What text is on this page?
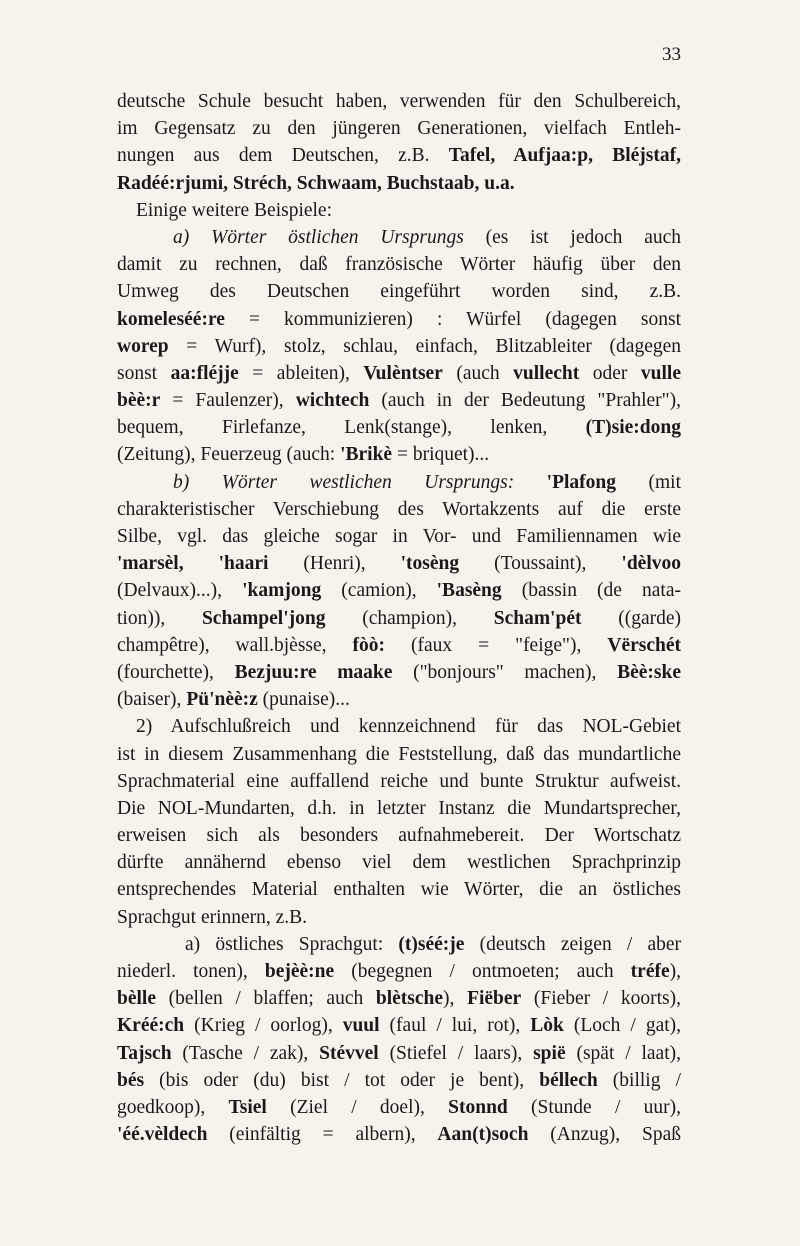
33
deutsche Schule besucht haben, verwenden für den Schulbereich,
im Gegensatz zu den jüngeren Generationen, vielfach Entleh-
nungen aus dem Deutschen, z.B. Tafel, Aufjaa:p, Bléjstaf,
Radéé:rjumi, Stréch, Schwaam, Buchstaab, u.a.
Einige weitere Beispiele:
a) Wörter östlichen Ursprungs (es ist jedoch auch
damit zu rechnen, daß französische Wörter häufig über den
Umweg des Deutschen eingeführt worden sind, z.B.
komeleséé:re = kommunizieren) : Würfel (dagegen sonst
worep = Wurf), stolz, schlau, einfach, Blitzableiter (dagegen
sonst aa:fléjje = ableiten), Vulèntser (auch vullecht oder vulle
bèè:r = Faulenzer), wichtech (auch in der Bedeutung "Prahler"),
bequem, Firlefanze, Lenk(stange), lenken, (T)sie:dong
(Zeitung), Feuerzeug (auch: 'Brikè = briquet)...
b) Wörter westlichen Ursprungs: 'Plafong (mit
charakteristischer Verschiebung des Wortakzents auf die erste
Silbe, vgl. das gleiche sogar in Vor- und Familiennamen wie
'marsèl, 'haari (Henri), 'tosèng (Toussaint), 'dèlvoo
(Delvaux)...), 'kamjong (camion), 'Basèng (bassin (de nata-
tion)), Schampel'jong (champion), Scham'pét ((garde)
champêtre), wall.bjèsse, fòò: (faux = "feige"), Vërschét
(fourchette), Bezjuu:re maake ("bonjours" machen), Bèè:ske
(baiser), Pü'nèè:z (punaise)...
2) Aufschlußreich und kennzeichnend für das NOL-Gebiet
ist in diesem Zusammenhang die Feststellung, daß das mundartliche
Sprachmaterial eine auffallend reiche und bunte Struktur aufweist.
Die NOL-Mundarten, d.h. in letzter Instanz die Mundartsprecher,
erweisen sich als besonders aufnahmebereit. Der Wortschatz
dürfte annähernd ebenso viel dem westlichen Sprachprinzip
entsprechendes Material enthalten wie Wörter, die an östliches
Sprachgut erinnern, z.B.
a) östliches Sprachgut: (t)séé:je (deutsch zeigen / aber
niederl. tonen), bejèè:ne (begegnen / ontmoeten; auch tréfe),
bèlle (bellen / blaffen; auch blètsche), Fiëber (Fieber / koorts),
Kréé:ch (Krieg / oorlog), vuul (faul / lui, rot), Lòk (Loch / gat),
Tajsch (Tasche / zak), Stévvel (Stiefel / laars), spië (spät / laat),
bés (bis oder (du) bist / tot oder je bent), béllech (billig /
goedkoop), Tsiel (Ziel / doel), Stonnd (Stunde / uur),
'éé.vèldech (einfältig = albern), Aan(t)soch (Anzug), Spaß
